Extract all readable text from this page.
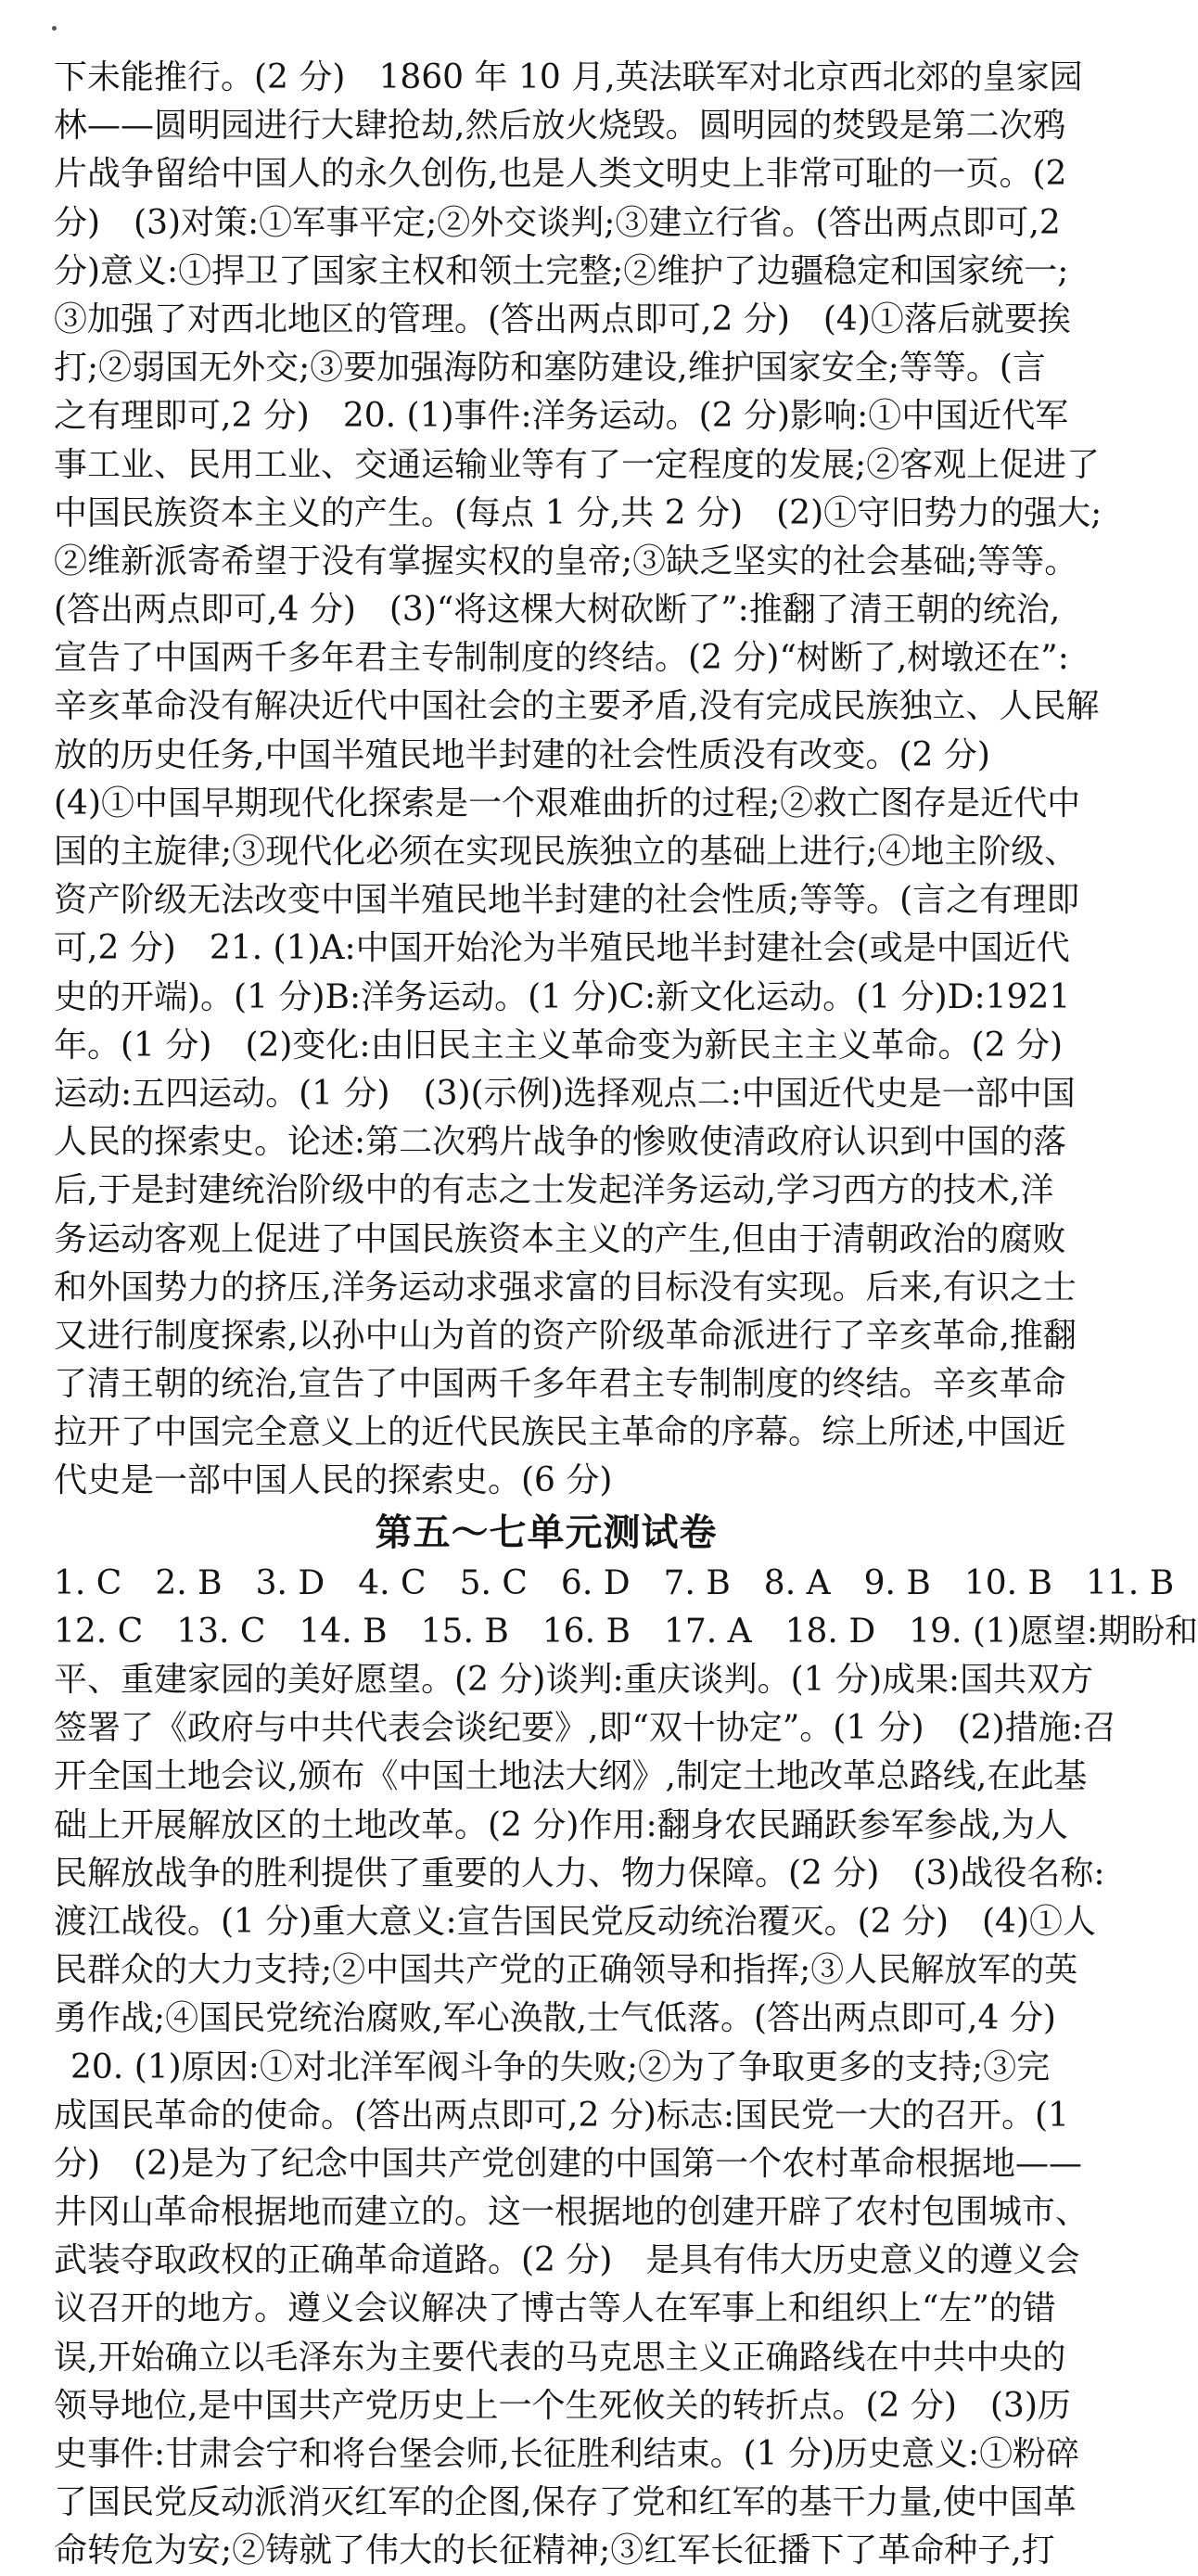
下未能推行。(2 分)　1860 年 10 月,英法联军对北京西北郊的皇家园
林——圆明园进行大肆抢劫,然后放火烧毁。圆明园的焚毁是第二次鸦
片战争留给中国人的永久创伤,也是人类文明史上非常可耻的一页。(2
分)　(3)对策:①军事平定;②外交谈判;③建立行省。(答出两点即可,2
分)意义:①捍卫了国家主权和领土完整;②维护了边疆稳定和国家统一;
③加强了对西北地区的管理。(答出两点即可,2 分)　(4)①落后就要挨
打;②弱国无外交;③要加强海防和塞防建设,维护国家安全;等等。(言
之有理即可,2 分)　20. (1)事件:洋务运动。(2 分)影响:①中国近代军
事工业、民用工业、交通运输业等有了一定程度的发展;②客观上促进了
中国民族资本主义的产生。(每点 1 分,共 2 分)　(2)①守旧势力的强大;
②维新派寄希望于没有掌握实权的皇帝;③缺乏坚实的社会基础;等等。
(答出两点即可,4 分)　(3)“将这棵大树砍断了”:推翻了清王朝的统治,
宣告了中国两千多年君主专制制度的终结。(2 分)“树断了,树墩还在”:
辛亥革命没有解决近代中国社会的主要矛盾,没有完成民族独立、人民解
放的历史任务,中国半殖民地半封建的社会性质没有改变。(2 分)
(4)①中国早期现代化探索是一个艰难曲折的过程;②救亡图存是近代中
国的主旋律;③现代化必须在实现民族独立的基础上进行;④地主阶级、
资产阶级无法改变中国半殖民地半封建的社会性质;等等。(言之有理即
可,2 分)　21. (1)A:中国开始沦为半殖民地半封建社会(或是中国近代
史的开端)。(1 分)B:洋务运动。(1 分)C:新文化运动。(1 分)D:1921
年。(1 分)　(2)变化:由旧民主主义革命变为新民主主义革命。(2 分)
运动:五四运动。(1 分)　(3)(示例)选择观点二:中国近代史是一部中国
人民的探索史。论述:第二次鸦片战争的惨败使清政府认识到中国的落
后,于是封建统治阶级中的有志之士发起洋务运动,学习西方的技术,洋
务运动客观上促进了中国民族资本主义的产生,但由于清朝政治的腐败
和外国势力的挤压,洋务运动求强求富的目标没有实现。后来,有识之士
又进行制度探索,以孙中山为首的资产阶级革命派进行了辛亥革命,推翻
了清王朝的统治,宣告了中国两千多年君主专制制度的终结。辛亥革命
拉开了中国完全意义上的近代民族民主革命的序幕。综上所述,中国近
代史是一部中国人民的探索史。(6 分)
第五～七单元测试卷
1. C　2. B　3. D　4. C　5. C　6. D　7. B　8. A　9. B　10. B　11. B
12. C　13. C　14. B　15. B　16. B　17. A　18. D　19. (1)愿望:期盼和
平、重建家园的美好愿望。(2 分)谈判:重庆谈判。(1 分)成果:国共双方
签署了《政府与中共代表会谈纪要》,即“双十协定”。(1 分)　(2)措施:召
开全国土地会议,颁布《中国土地法大纲》,制定土地改革总路线,在此基
础上开展解放区的土地改革。(2 分)作用:翻身农民踊跃参军参战,为人
民解放战争的胜利提供了重要的人力、物力保障。(2 分)　(3)战役名称:
渡江战役。(1 分)重大意义:宣告国民党反动统治覆灭。(2 分)　(4)①人
民群众的大力支持;②中国共产党的正确领导和指挥;③人民解放军的英
勇作战;④国民党统治腐败,军心涣散,士气低落。(答出两点即可,4 分)
20. (1)原因:①对北洋军阀斗争的失败;②为了争取更多的支持;③完
成国民革命的使命。(答出两点即可,2 分)标志:国民党一大的召开。(1
分)　(2)是为了纪念中国共产党创建的中国第一个农村革命根据地——
井冈山革命根据地而建立的。这一根据地的创建开辟了农村包围城市、
武装夺取政权的正确革命道路。(2 分)　是具有伟大历史意义的遵义会
议召开的地方。遵义会议解决了博古等人在军事上和组织上“左”的错
误,开始确立以毛泽东为主要代表的马克思主义正确路线在中共中央的
领导地位,是中国共产党历史上一个生死攸关的转折点。(2 分)　(3)历
史事件:甘肃会宁和将台堡会师,长征胜利结束。(1 分)历史意义:①粉碎
了国民党反动派消灭红军的企图,保存了党和红军的基干力量,使中国革
命转危为安;②铸就了伟大的长征精神;③红军长征播下了革命种子,打
